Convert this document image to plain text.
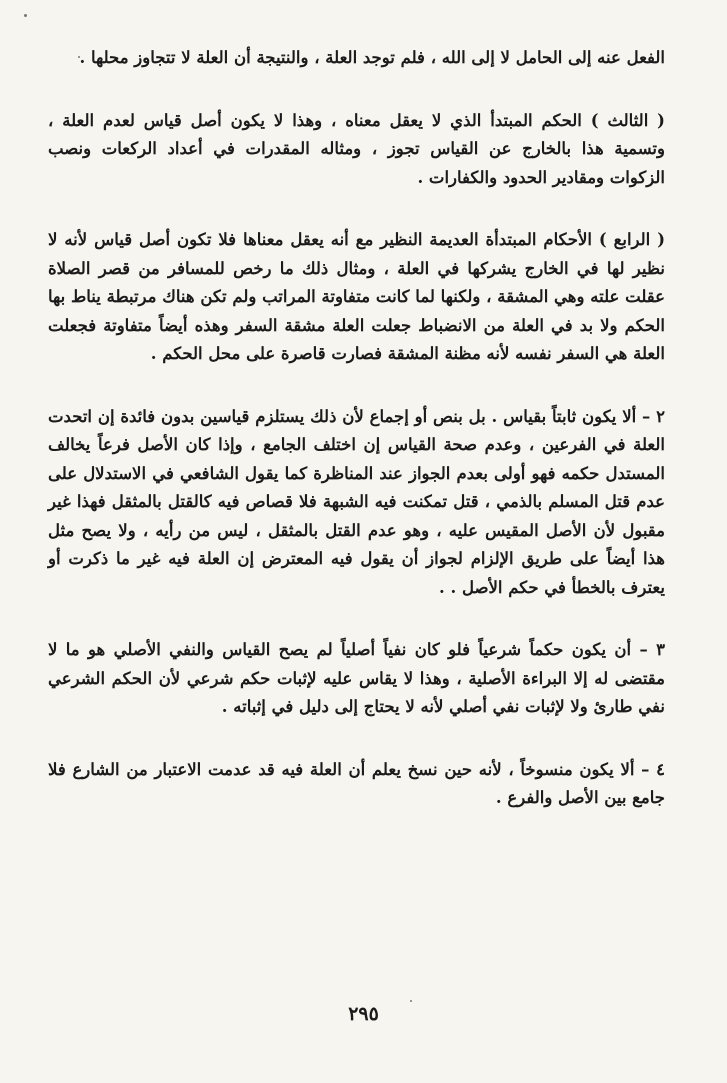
الفعل عنه إلى الحامل لا إلى الله ، فلم توجد العلة ، والنتيجة أن العلة لا تتجاوز محلها .

( الثالث ) الحكم المبتدأ الذي لا يعقل معناه ، وهذا لا يكون أصل قياس لعدم العلة ، وتسمية هذا بالخارج عن القياس تجوز ، ومثاله المقدرات في أعداد الركعات ونصب الزكوات ومقادير الحدود والكفارات .

( الرابع ) الأحكام المبتدأة العديمة النظير مع أنه يعقل معناها فلا تكون أصل قياس لأنه لا نظير لها في الخارج يشركها في العلة ، ومثال ذلك ما رخص للمسافر من قصر الصلاة عقلت علته وهي المشقة ، ولكنها لما كانت متفاوتة المراتب ولم تكن هناك مرتبطة يناط بها الحكم ولا بد في العلة من الانضباط جعلت العلة مشقة السفر وهذه أيضاً متفاوتة فجعلت العلة هي السفر نفسه لأنه مظنة المشقة فصارت قاصرة على محل الحكم .

٢ – ألا يكون ثابتاً بقياس . بل بنص أو إجماع لأن ذلك يستلزم قياسين بدون فائدة إن اتحدت العلة في الفرعين ، وعدم صحة القياس إن اختلف الجامع ، وإذا كان الأصل فرعاً يخالف المستدل حكمه فهو أولى بعدم الجواز عند المناظرة كما يقول الشافعي في الاستدلال على عدم قتل المسلم بالذمي ، قتل تمكنت فيه الشبهة فلا قصاص فيه كالقتل بالمثقل فهذا غير مقبول لأن الأصل المقيس عليه ، وهو عدم القتل بالمثقل ، ليس من رأيه ، ولا يصح مثل هذا أيضاً على طريق الإلزام لجواز أن يقول فيه المعترض إن العلة فيه غير ما ذكرت أو يعترف بالخطأ في حكم الأصل . .

٣ – أن يكون حكماً شرعياً فلو كان نفياً أصلياً لم يصح القياس والنفي الأصلي هو ما لا مقتضى له إلا البراءة الأصلية ، وهذا لا يقاس عليه لإثبات حكم شرعي لأن الحكم الشرعي نفي طارئ ولا لإثبات نفي أصلي لأنه لا يحتاج إلى دليل في إثباته .

٤ – ألا يكون منسوخاً ، لأنه حين نسخ يعلم أن العلة فيه قد عدمت الاعتبار من الشارع فلا جامع بين الأصل والفرع .

٢٩٥
